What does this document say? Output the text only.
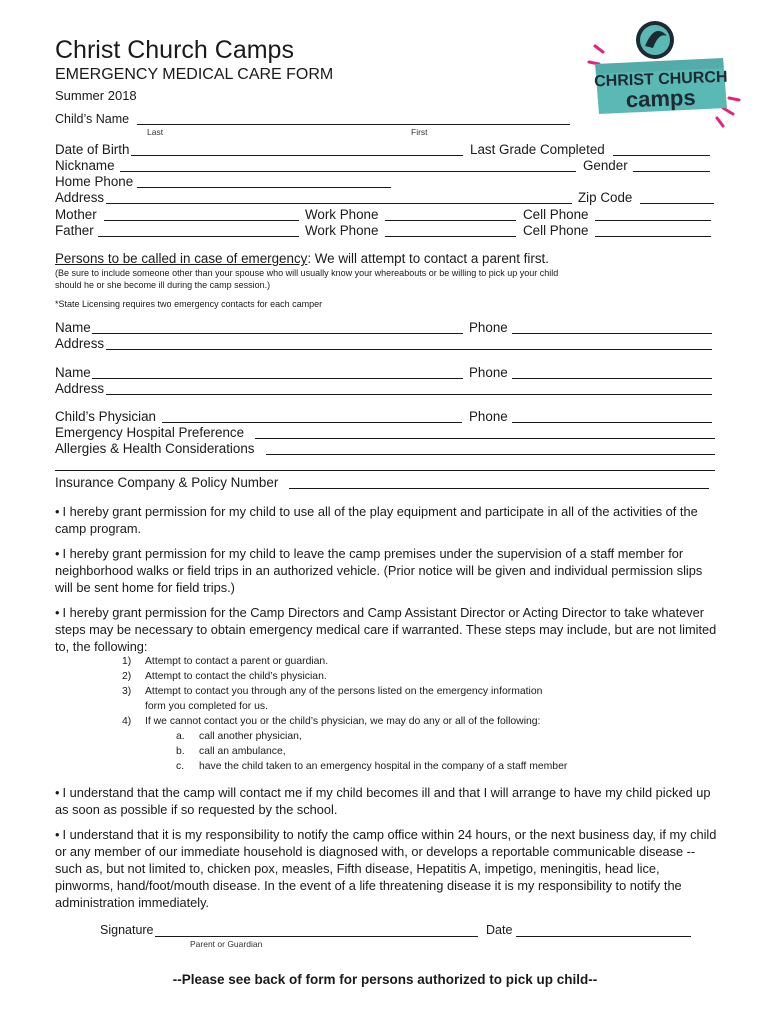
Christ Church Camps
EMERGENCY MEDICAL CARE FORM
Summer 2018
CHRIST CHURCH
camps
Child’s Name
Last	First
Date of Birth	Last Grade Completed
Nickname	Gender
Home Phone
Address	Zip Code
Mother	Work Phone	Cell Phone
Father	Work Phone	Cell Phone
Persons to be called in case of emergency: We will attempt to contact a parent first.
(Be sure to include someone other than your spouse who will usually know your whereabouts or be willing to pick up your child
should he or she become ill during the camp session.)
*State Licensing requires two emergency contacts for each camper
Name	Phone
Address
Name	Phone
Address
Child’s Physician	Phone
Emergency Hospital Preference
Allergies & Health Considerations
Insurance Company & Policy Number
• I hereby grant permission for my child to use all of the play equipment and participate in all of the activities of the camp program.
• I hereby grant permission for my child to leave the camp premises under the supervision of a staff member for neighborhood walks or field trips in an authorized vehicle. (Prior notice will be given and individual permission slips will be sent home for field trips.)
• I hereby grant permission for the Camp Directors and Camp Assistant Director or Acting Director to take whatever steps may be necessary to obtain emergency medical care if warranted. These steps may include, but are not limited to, the following:
1) Attempt to contact a parent or guardian.
2) Attempt to contact the child’s physician.
3) Attempt to contact you through any of the persons listed on the emergency information
form you completed for us.
4) If we cannot contact you or the child’s physician, we may do any or all of the following:
a. call another physician,
b. call an ambulance,
c. have the child taken to an emergency hospital in the company of a staff member
• I understand that the camp will contact me if my child becomes ill and that I will arrange to have my child picked up as soon as possible if so requested by the school.
• I understand that it is my responsibility to notify the camp office within 24 hours, or the next business day, if my child or any member of our immediate household is diagnosed with, or develops a reportable communicable disease -- such as, but not limited to, chicken pox, measles, Fifth disease, Hepatitis A, impetigo, meningitis, head lice, pinworms, hand/foot/mouth disease. In the event of a life threatening disease it is my responsibility to notify the administration immediately.
Signature
Parent or Guardian
Date
--Please see back of form for persons authorized to pick up child--
